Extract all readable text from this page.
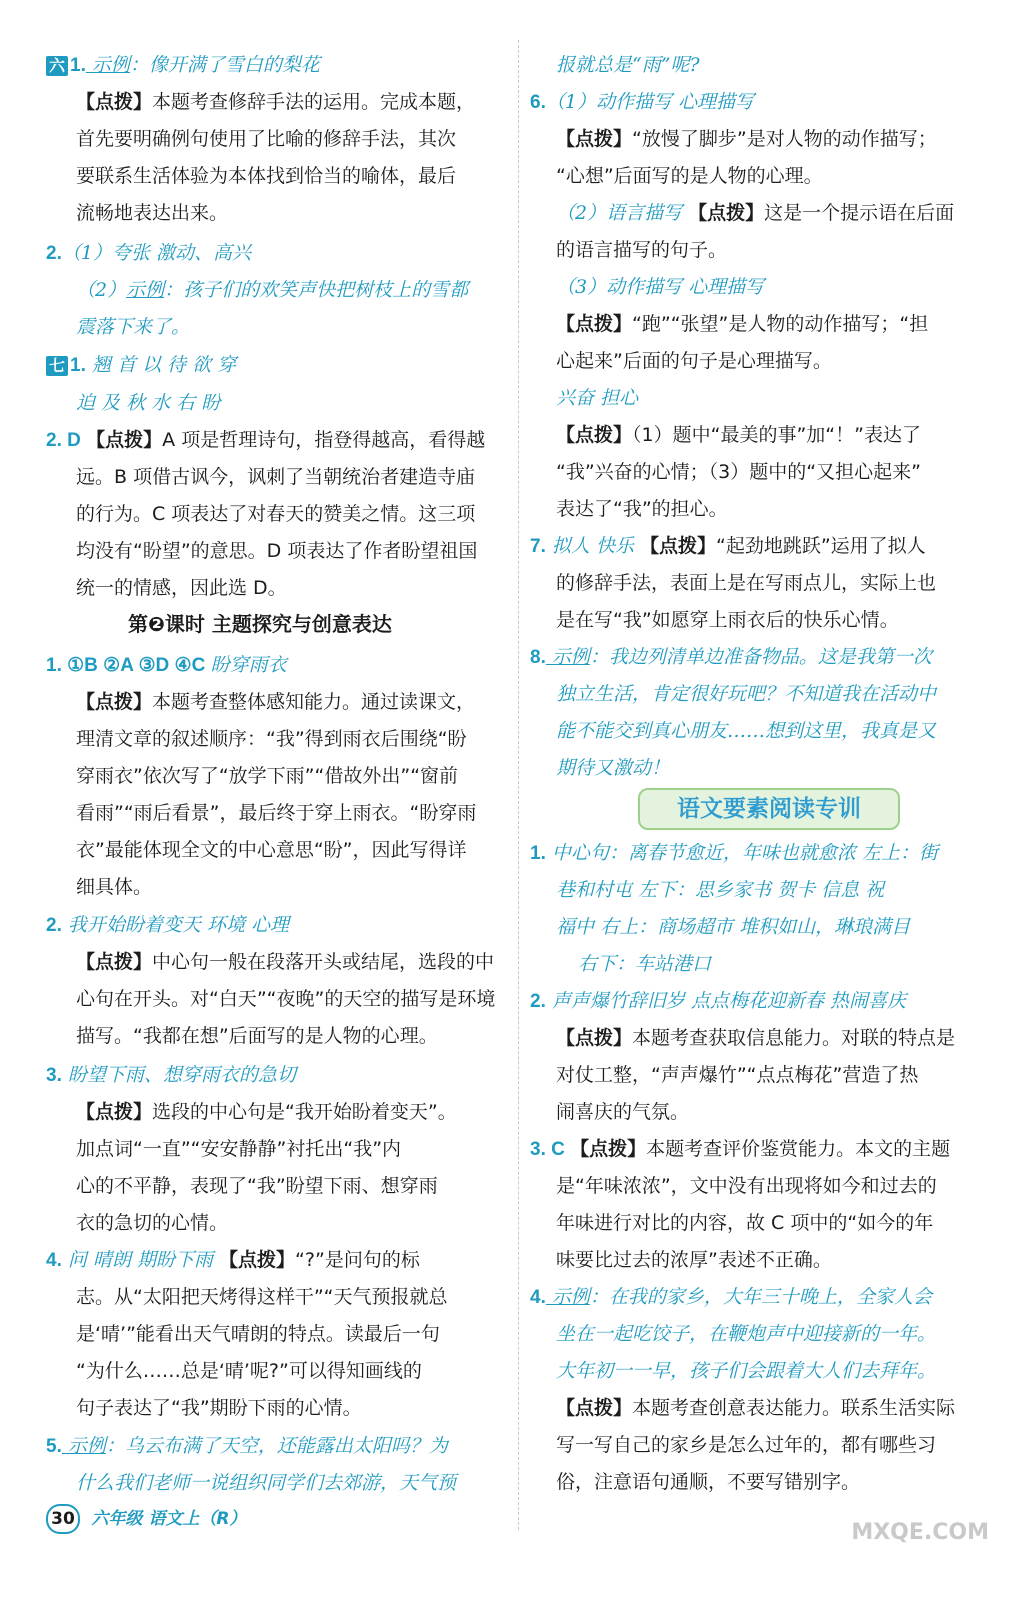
六 1. 示例：像开满了雪白的梨花
【点拨】本题考查修辞手法的运用。完成本题，
首先要明确例句使用了比喻的修辞手法，其次
要联系生活体验为本体找到恰当的喻体，最后
流畅地表达出来。
2.（1）夸张 激动、高兴
（2）示例：孩子们的欢笑声快把树枝上的雪都
震落下来了。
七 1. 翘 首 以 待 欲 穿
迫 及 秋 水 右 盼
2. D 【点拨】A 项是哲理诗句，指登得越高，看得越
远。B 项借古讽今，讽刺了当朝统治者建造寺庙
的行为。C 项表达了对春天的赞美之情。这三项
均没有“盼望”的意思。D 项表达了作者盼望祖国
统一的情感，因此选 D。
1. ①B ②A ③D ④C 盼穿雨衣
【点拨】本题考查整体感知能力。通过读课文，
理清文章的叙述顺序：“我”得到雨衣后围绕“盼
穿雨衣”依次写了“放学下雨”“借故外出”“窗前
看雨”“雨后看景”，最后终于穿上雨衣。“盼穿雨
衣”最能体现全文的中心意思“盼”，因此写得详
细具体。
2. 我开始盼着变天 环境 心理
【点拨】中心句一般在段落开头或结尾，选段的中
心句在开头。对“白天”“夜晚”的天空的描写是环境
描写。“我都在想”后面写的是人物的心理。
3. 盼望下雨、想穿雨衣的急切
【点拨】选段的中心句是“我开始盼着变天”。
加点词“一直”“安安静静”衬托出“我”内
心的不平静，表现了“我”盼望下雨、想穿雨
衣的急切的心情。
4. 问 晴朗 期盼下雨 【点拨】“?”是问句的标
志。从“太阳把天烤得这样干”“天气预报就总
是‘晴’”能看出天气晴朗的特点。读最后一句
“为什么……总是‘晴’呢?”可以得知画线的
句子表达了“我”期盼下雨的心情。
5. 示例：乌云布满了天空，还能露出太阳吗？为
什么我们老师一说组织同学们去郊游，天气预
报就总是“雨”呢?
6.（1）动作描写 心理描写
【点拨】“放慢了脚步”是对人物的动作描写；
“心想”后面写的是人物的心理。
（2）语言描写 【点拨】这是一个提示语在后面
的语言描写的句子。
（3）动作描写 心理描写
【点拨】“跑”“张望”是人物的动作描写；“担
心起来”后面的句子是心理描写。
兴奋 担心
【点拨】（1）题中“最美的事”加“！”表达了
“我”兴奋的心情；（3）题中的“又担心起来”
表达了“我”的担心。
7. 拟人 快乐 【点拨】“起劲地跳跃”运用了拟人
的修辞手法，表面上是在写雨点儿，实际上也
是在写“我”如愿穿上雨衣后的快乐心情。
8. 示例：我边列清单边准备物品。这是我第一次
独立生活，肯定很好玩吧？不知道我在活动中
能不能交到真心朋友……想到这里，我真是又
期待又激动！
1. 中心句：离春节愈近，年味也就愈浓 左上：街
巷和村屯 左下：思乡家书 贺卡 信息 祝
福中 右上：商场超市 堆积如山，琳琅满目
右下：车站港口
2. 声声爆竹辞旧岁 点点梅花迎新春 热闹喜庆
【点拨】本题考查获取信息能力。对联的特点是
对仗工整，“声声爆竹”“点点梅花”营造了热
闹喜庆的气氛。
3. C 【点拨】本题考查评价鉴赏能力。本文的主题
是“年味浓浓”，文中没有出现将如今和过去的
年味进行对比的内容，故 C 项中的“如今的年
味要比过去的浓厚”表述不正确。
4. 示例：在我的家乡，大年三十晚上，全家人会
坐在一起吃饺子，在鞭炮声中迎接新的一年。
大年初一一早，孩子们会跟着大人们去拜年。
【点拨】本题考查创意表达能力。联系生活实际
写一写自己的家乡是怎么过年的，都有哪些习
俗，注意语句通顺，不要写错别字。
第❷课时 主题探究与创意表达
语文要素阅读专训
30 六年级 语文上（R）
MXQE.COM
